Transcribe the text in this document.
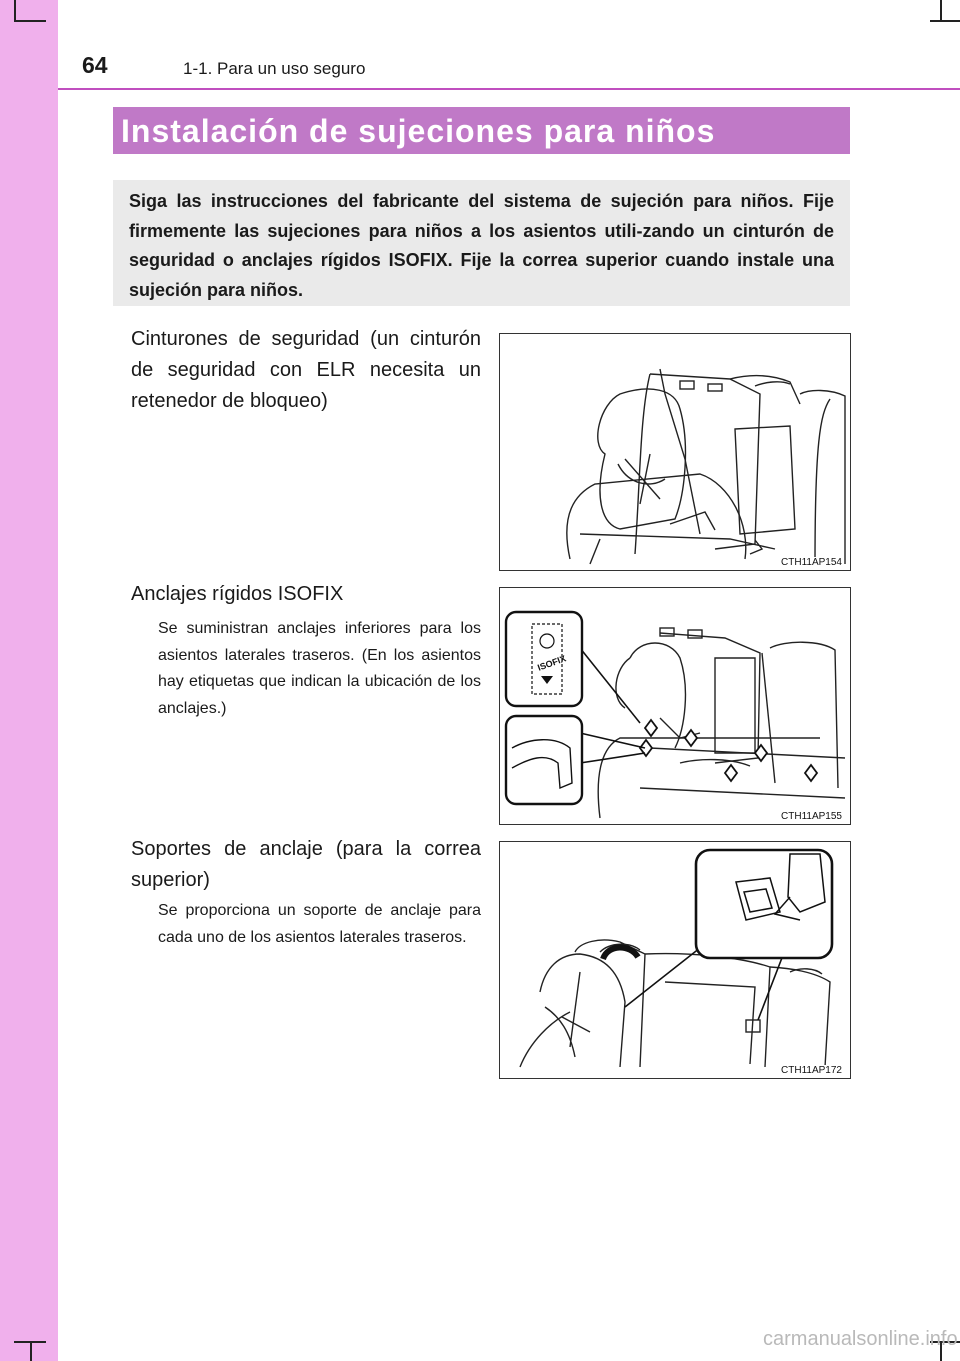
64	1-1. Para un uso seguro
Instalación de sujeciones para niños
Siga las instrucciones del fabricante del sistema de sujeción para niños. Fije firmemente las sujeciones para niños a los asientos utili-zando un cinturón de seguridad o anclajes rígidos ISOFIX. Fije la correa superior cuando instale una sujeción para niños.
Cinturones de seguridad (un cinturón de seguridad con ELR necesita un retenedor de bloqueo)
CTH11AP154
Anclajes rígidos ISOFIX
Se suministran anclajes inferiores para los asientos laterales traseros. (En los asientos hay etiquetas que indican la ubicación de los anclajes.)
ISOFIX
CTH11AP155
Soportes de anclaje (para la correa superior)
Se proporciona un soporte de anclaje para cada uno de los asientos laterales traseros.
CTH11AP172
carmanualsonline.info
